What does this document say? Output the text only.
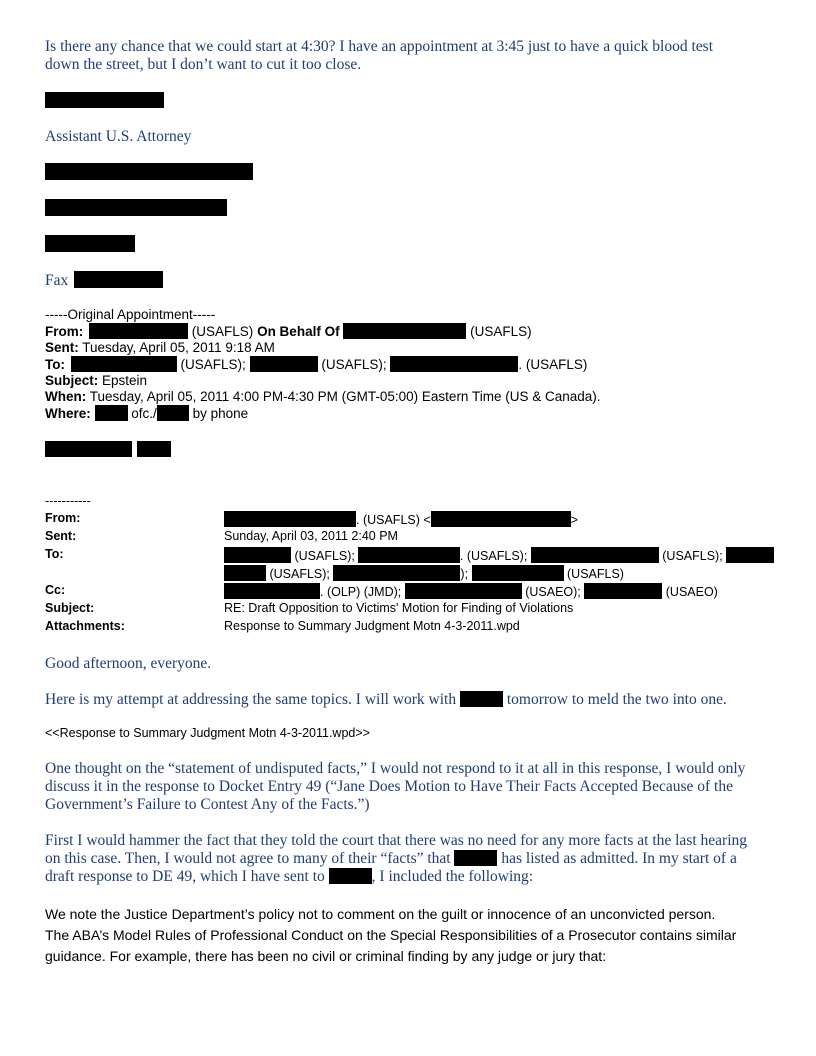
Is there any chance that we could start at 4:30? I have an appointment at 3:45 just to have a quick blood test
down the street, but I don’t want to cut it too close.
Assistant U.S. Attorney
Fax
-----Original Appointment-----
From:	(USAFLS) On Behalf Of	(USAFLS)
Sent: Tuesday, April 05, 2011 9:18 AM
To:	(USAFLS);	(USAFLS);	. (USAFLS)
Subject: Epstein
When: Tuesday, April 05, 2011 4:00 PM-4:30 PM (GMT-05:00) Eastern Time (US & Canada).
Where:	ofc./	by phone
-----------
From:	. (USAFLS) <	>
Sent:	Sunday, April 03, 2011 2:40 PM
To:	(USAFLS);	. (USAFLS);	(USAFLS);
(USAFLS);	);	(USAFLS)
Cc:	. (OLP) (JMD);	(USAEO);	(USAEO)
Subject:	RE: Draft Opposition to Victims' Motion for Finding of Violations
Attachments:	Response to Summary Judgment Motn 4-3-2011.wpd
Good afternoon, everyone.
Here is my attempt at addressing the same topics. I will work with	tomorrow to meld the two into one.
<<Response to Summary Judgment Motn 4-3-2011.wpd>>
One thought on the “statement of undisputed facts,” I would not respond to it at all in this response, I would only
discuss it in the response to Docket Entry 49 (“Jane Does Motion to Have Their Facts Accepted Because of the
Government’s Failure to Contest Any of the Facts.”)
First I would hammer the fact that they told the court that there was no need for any more facts at the last hearing
on this case. Then, I would not agree to many of their “facts” that	has listed as admitted. In my start of a
draft response to DE 49, which I have sent to	, I included the following:
We note the Justice Department’s policy not to comment on the guilt or innocence of an unconvicted person.
The ABA’s Model Rules of Professional Conduct on the Special Responsibilities of a Prosecutor contains similar
guidance. For example, there has been no civil or criminal finding by any judge or jury that:
